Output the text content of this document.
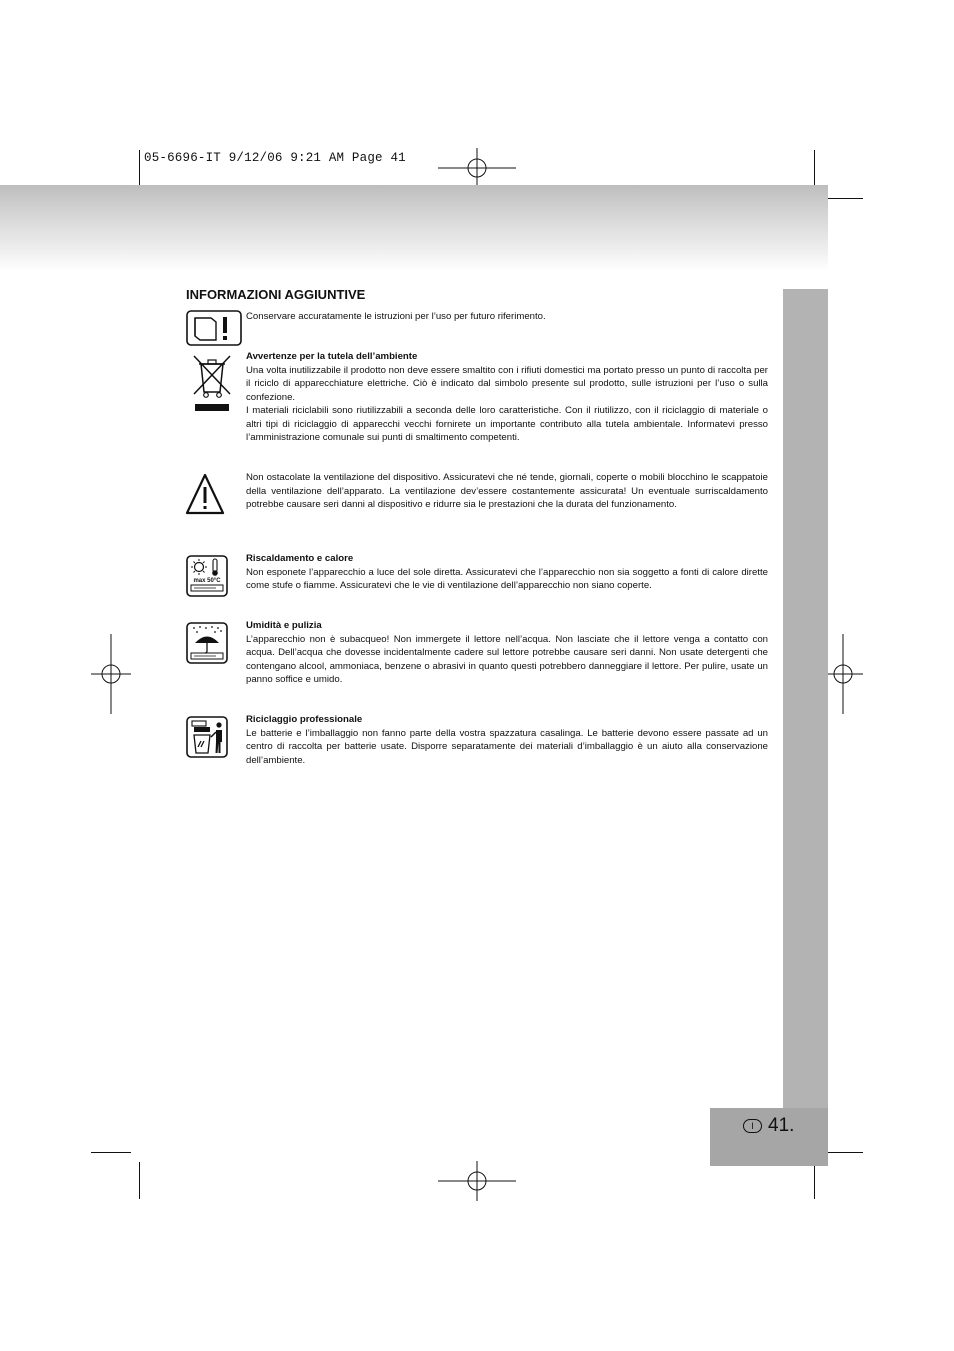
05-6696-IT 9/12/06 9:21 AM Page 41
I 41.
INFORMAZIONI AGGIUNTIVE

Conservare accuratamente le istruzioni per l’uso per futuro riferimento.

Avvertenze per la tutela dell’ambiente

Una volta inutilizzabile il prodotto non deve essere smaltito con i rifiuti domestici ma portato presso un punto di raccolta per il riciclo di apparecchiature elettriche. Ciò è indicato dal simbolo presente sul prodotto, sulle istruzioni per l’uso o sulla confezione.

I materiali riciclabili sono riutilizzabili a seconda delle loro caratteristiche. Con il riutilizzo, con il riciclaggio di materiale o altri tipi di riciclaggio di apparecchi vecchi fornirete un importante contributo alla tutela ambientale. Informatevi presso l’amministrazione comunale sui punti di smaltimento competenti.

Non ostacolate la ventilazione del dispositivo. Assicuratevi che né tende, giornali, coperte o mobili blocchino le scappatoie della ventilazione dell’apparato. La ventilazione dev’essere costantemente assicurata! Un eventuale surriscaldamento potrebbe causare seri danni al dispositivo e ridurre sia le prestazioni che la durata del funzionamento.

max 50°C
Riscaldamento e calore

Non esponete l’apparecchio a luce del sole diretta. Assicuratevi che l’apparecchio non sia soggetto a fonti di calore dirette come stufe o fiamme. Assicuratevi che le vie di ventilazione dell’apparecchio non siano coperte.

Umidità e pulizia

L’apparecchio non è subacqueo! Non immergete il lettore nell’acqua. Non lasciate che il lettore venga a contatto con acqua. Dell’acqua che dovesse incidentalmente cadere sul lettore potrebbe causare seri danni. Non usate detergenti che contengano alcool, ammoniaca, benzene o abrasivi in quanto questi potrebbero danneggiare il lettore. Per pulire, usate un panno soffice e umido.

Riciclaggio professionale

Le batterie e l’imballaggio non fanno parte della vostra spazzatura casalinga. Le batterie devono essere passate ad un centro di raccolta per batterie usate. Disporre separatamente dei materiali d’imballaggio è un aiuto alla conservazione dell’ambiente.
